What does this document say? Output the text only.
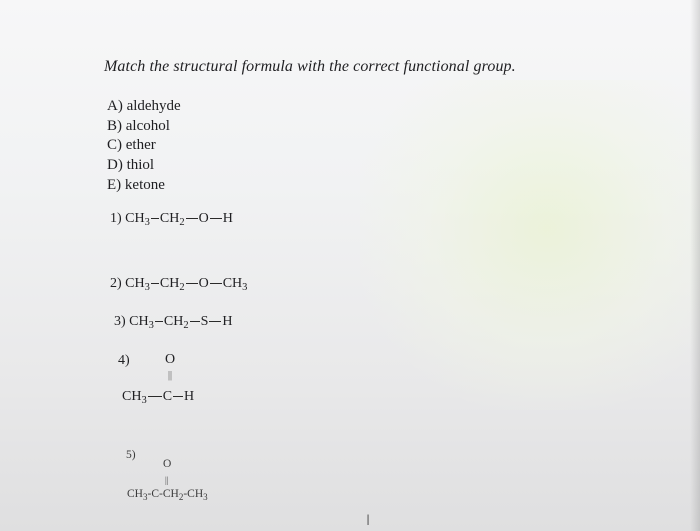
Match the structural formula with the correct functional group.
A) aldehyde
B) alcohol
C) ether
D) thiol
E) ketone
1) $CH_3$ $CH_2$ O H
2) $CH_3$ $CH_2$ O $CH_3$
3) $CH_3$ $CH_2$ S H
4)	O
||
$CH_3$ C H
5)
O
||
$CH_3-C-CH_2-CH_3$
I
